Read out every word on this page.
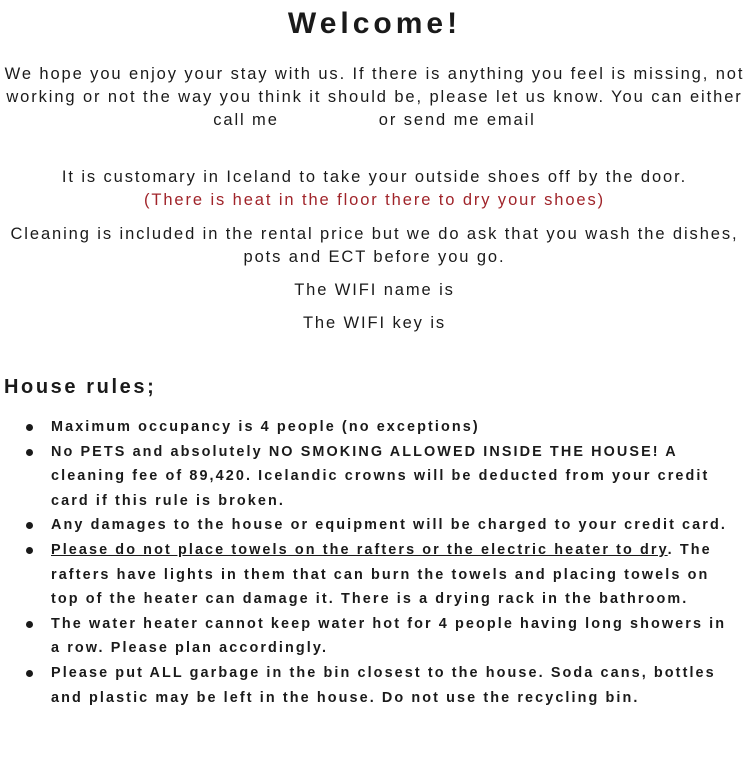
Welcome!

We hope you enjoy your stay with us. If there is anything you feel is missing, not working or not the way you think it should be, please let us know. You can either call me	or send me email

It is customary in Iceland to take your outside shoes off by the door.
(There is heat in the floor there to dry your shoes)

Cleaning is included in the rental price but we do ask that you wash the dishes, pots and ECT before you go.

The WIFI name is

The WIFI key is

House rules;
Maximum occupancy is 4 people (no exceptions)
No PETS and absolutely NO SMOKING ALLOWED INSIDE THE HOUSE! A cleaning fee of 89,420. Icelandic crowns will be deducted from your credit card if this rule is broken.
Any damages to the house or equipment will be charged to your credit card.
Please do not place towels on the rafters or the electric heater to dry. The rafters have lights in them that can burn the towels and placing towels on top of the heater can damage it. There is a drying rack in the bathroom.
The water heater cannot keep water hot for 4 people having long showers in a row. Please plan accordingly.
Please put ALL garbage in the bin closest to the house. Soda cans, bottles and plastic may be left in the house. Do not use the recycling bin.
